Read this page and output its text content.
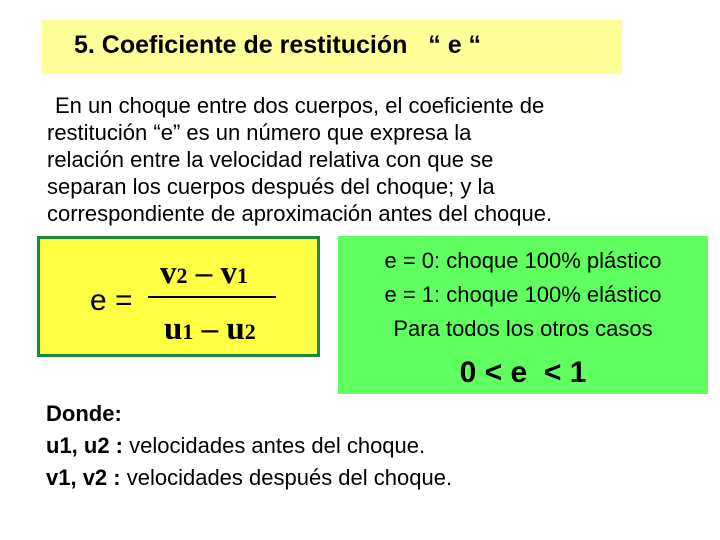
5. Coeficiente de restitución   “ e “

En un choque entre dos cuerpos, el coeficiente de
restitución “e” es un número que expresa la
relación entre la velocidad relativa con que se
separan los cuerpos después del choque; y la
correspondiente de aproximación antes del choque.

e =
v2 – v1
u1 – u2
e = 0: choque 100% plástico
e = 1: choque 100% elástico
Para todos los otros casos
0 < e  < 1
Donde:
u1, u2 : velocidades antes del choque.
v1, v2 : velocidades después del choque.
